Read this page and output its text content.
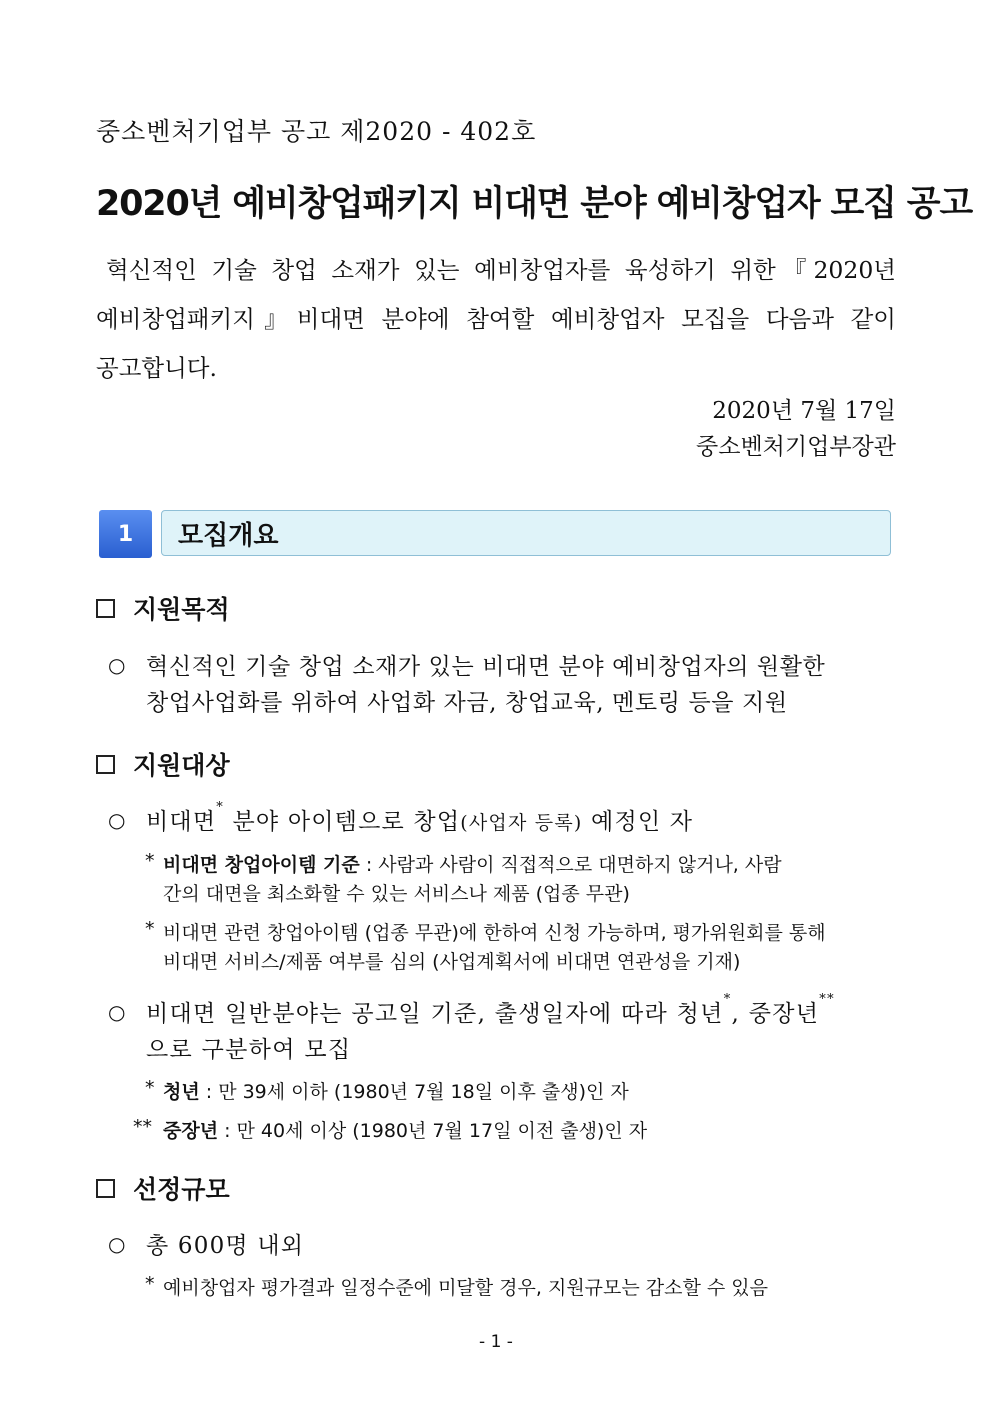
중소벤처기업부 공고 제2020 - 402호
2020년 예비창업패키지 비대면 분야 예비창업자 모집 공고
혁신적인 기술 창업 소재가 있는 예비창업자를 육성하기 위한『2020년
예비창업패키지』비대면 분야에 참여할 예비창업자 모집을 다음과 같이
공고합니다.
2020년 7월 17일
중소벤처기업부장관
1	모집개요
지원목적
○ 혁신적인 기술 창업 소재가 있는 비대면 분야 예비창업자의 원활한
창업사업화를 위하여 사업화 자금, 창업교육, 멘토링 등을 지원
지원대상
○ 비대면* 분야 아이템으로 창업(사업자 등록) 예정인 자
* 비대면 창업아이템 기준 : 사람과 사람이 직접적으로 대면하지 않거나, 사람
간의 대면을 최소화할 수 있는 서비스나 제품 (업종 무관)
* 비대면 관련 창업아이템 (업종 무관)에 한하여 신청 가능하며, 평가위원회를 통해
비대면 서비스/제품 여부를 심의 (사업계획서에 비대면 연관성을 기재)
○ 비대면 일반분야는 공고일 기준, 출생일자에 따라 청년*, 중장년**
으로 구분하여 모집
* 청년 : 만 39세 이하 (1980년 7월 18일 이후 출생)인 자
** 중장년 : 만 40세 이상 (1980년 7월 17일 이전 출생)인 자
선정규모
○ 총 600명 내외
* 예비창업자 평가결과 일정수준에 미달할 경우, 지원규모는 감소할 수 있음
- 1 -
